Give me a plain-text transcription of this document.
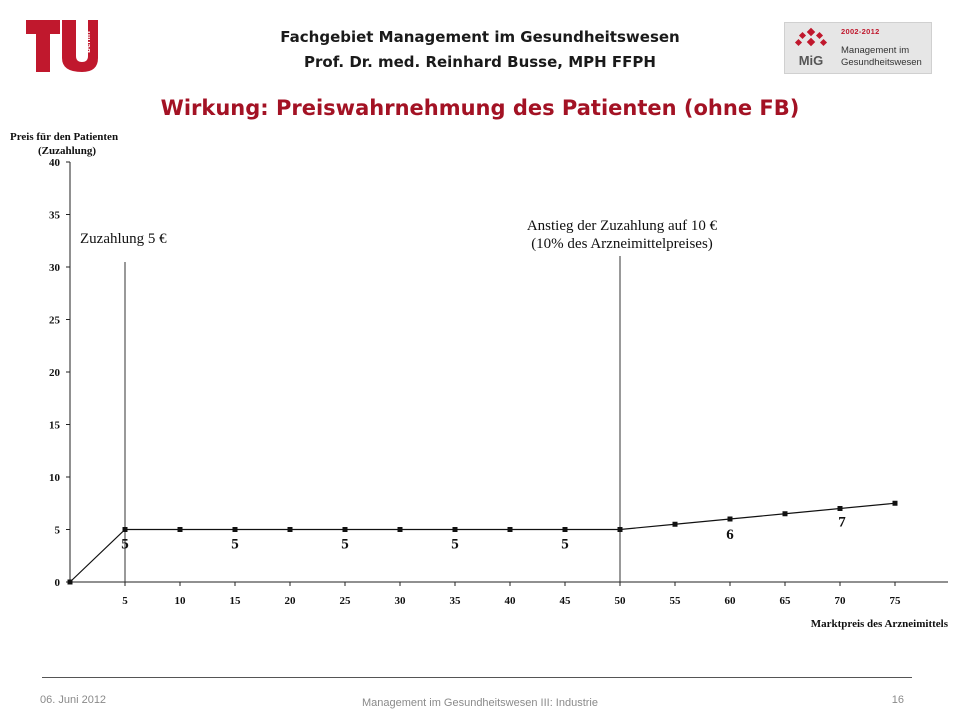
berlin	Fachgebiet Management im Gesundheitswesen
Prof. Dr. med. Reinhard Busse, MPH FFPH	MiG
2002-2012
Management im
Gesundheitswesen
Wirkung: Preiswahrnehmung des Patienten (ohne FB)
0
5
10
15
20
25
30
35
40
5	10	15	20	25	30	35	40	45	50	55	60	65	70	75
Preis für den Patienten
(Zuzahlung)
Marktpreis des Arzneimittels
Zuzahlung 5 €
Anstieg der Zuzahlung auf 10 €
(10% des Arzneimittelpreises)
5	5	5	5	5
6
7
06. Juni 2012	Management im Gesundheitswesen III: Industrie	16
